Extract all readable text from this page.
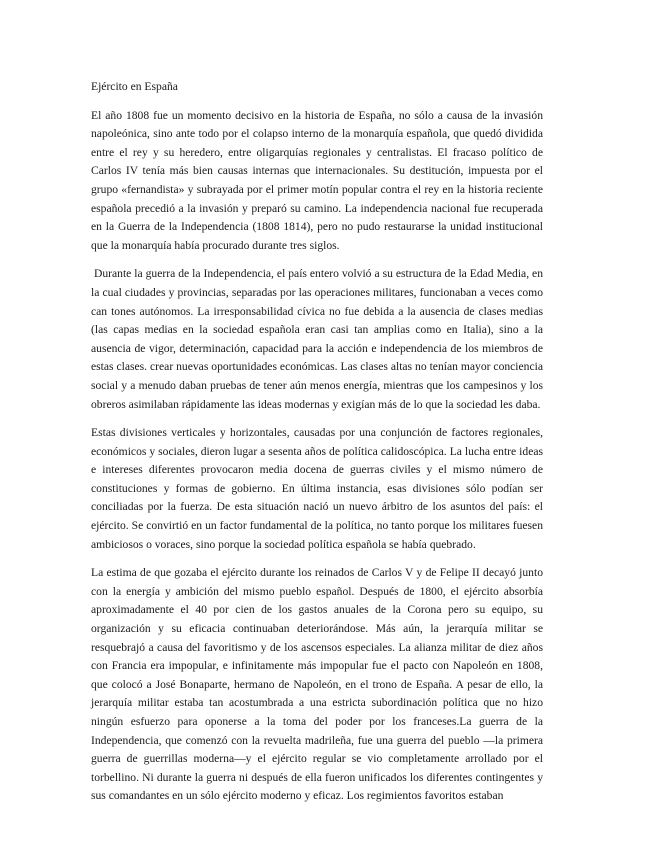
Ejército en España

El año 1808 fue un momento decisivo en la historia de España, no sólo a causa de la invasión napoleónica, sino ante todo por el colapso interno de la monarquía española, que quedó dividida entre el rey y su heredero, entre oligarquías regionales y centralistas. El fracaso político de Carlos IV tenía más bien causas internas que internacionales. Su destitución, impuesta por el grupo «fernandista» y subrayada por el primer motín popular contra el rey en la historia reciente española precedió a la invasión y preparó su camino. La independencia nacional fue recuperada en la Guerra de la Independencia (1808 1814), pero no pudo restaurarse la unidad institucional que la monarquía había procurado durante tres siglos.

Durante la guerra de la Independencia, el país entero volvió a su estructura de la Edad Media, en la cual ciudades y provincias, separadas por las operaciones militares, funcionaban a veces como can tones autónomos. La irresponsabilidad cívica no fue debida a la ausencia de clases medias (las capas medias en la sociedad española eran casi tan amplias como en Italia), sino a la ausencia de vigor, determinación, capacidad para la acción e independencia de los miembros de estas clases. crear nuevas oportunidades económicas. Las clases altas no tenían mayor conciencia social y a menudo daban pruebas de tener aún menos energía, mientras que los campesinos y los obreros asimilaban rápidamente las ideas modernas y exigían más de lo que la sociedad les daba.

Estas divisiones verticales y horizontales, causadas por una conjunción de factores regionales, económicos y sociales, dieron lugar a sesenta años de política calidoscópica. La lucha entre ideas e intereses diferentes provocaron media docena de guerras civiles y el mismo número de constituciones y formas de gobierno. En última instancia, esas divisiones sólo podían ser conciliadas por la fuerza. De esta situación nació un nuevo árbitro de los asuntos del país: el ejército. Se convirtió en un factor fundamental de la política, no tanto porque los militares fuesen ambiciosos o voraces, sino porque la sociedad política española se había quebrado.

La estima de que gozaba el ejército durante los reinados de Carlos V y de Felipe II decayó junto con la energía y ambición del mismo pueblo español. Después de 1800, el ejército absorbía aproximadamente el 40 por cien de los gastos anuales de la Corona pero su equipo, su organización y su eficacia continuaban deteriorándose. Más aún, la jerarquía militar se resquebrajó a causa del favoritismo y de los ascensos especiales. La alianza militar de diez años con Francia era impopular, e infinitamente más impopular fue el pacto con Napoleón en 1808, que colocó a José Bonaparte, hermano de Napoleón, en el trono de España. A pesar de ello, la jerarquía militar estaba tan acostumbrada a una estricta subordinación política que no hizo ningún esfuerzo para oponerse a la toma del poder por los franceses.La guerra de la Independencia, que comenzó con la revuelta madrileña, fue una guerra del pueblo —la primera guerra de guerrillas moderna—y el ejército regular se vio completamente arrollado por el torbellino. Ni durante la guerra ni después de ella fueron unificados los diferentes contingentes y sus comandantes en un sólo ejército moderno y eficaz. Los regimientos favoritos estaban
